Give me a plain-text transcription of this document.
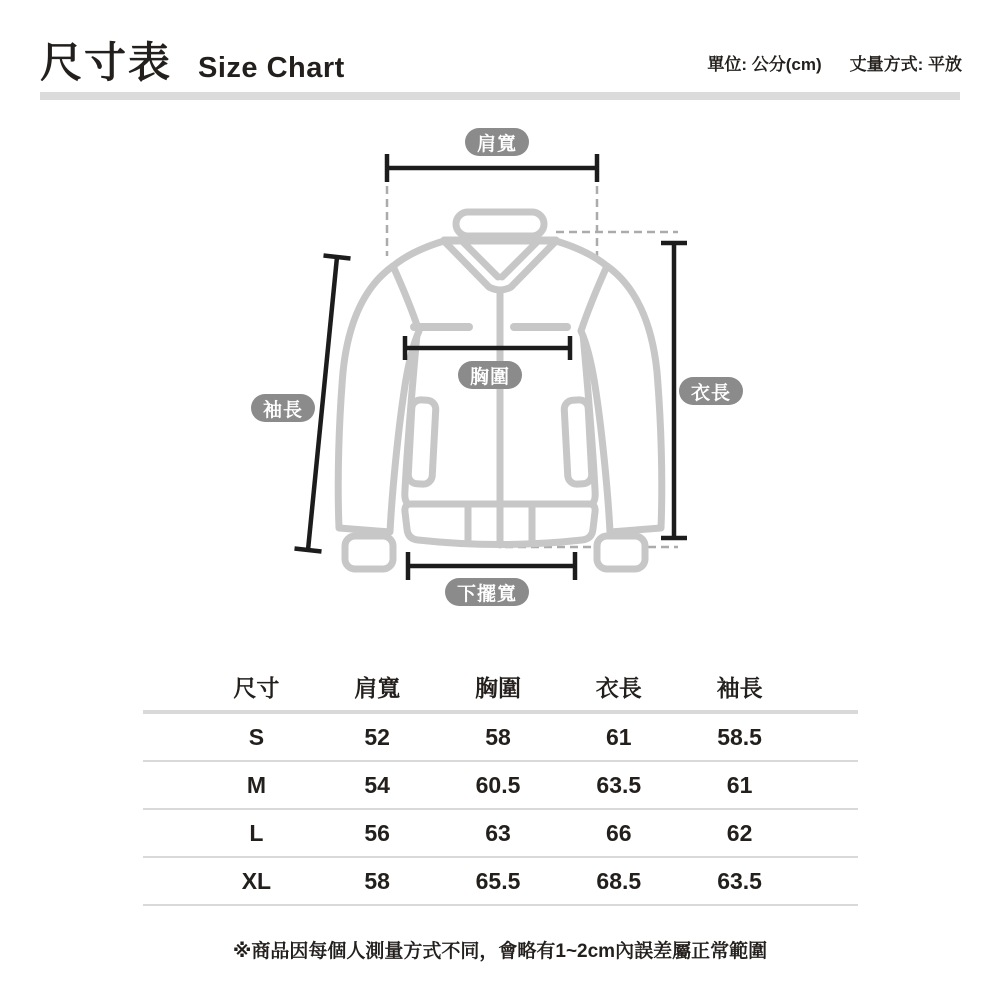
尺寸表 Size Chart	單位: 公分(cm) 丈量方式: 平放
肩寬
胸圍
袖長
衣長
下擺寬
尺寸	肩寬	胸圍	衣長	袖長
S	52	58	61	58.5
M	54	60.5	63.5	61
L	56	63	66	62
XL	58	65.5	68.5	63.5
※商品因每個人測量方式不同，會略有1~2cm內誤差屬正常範圍
